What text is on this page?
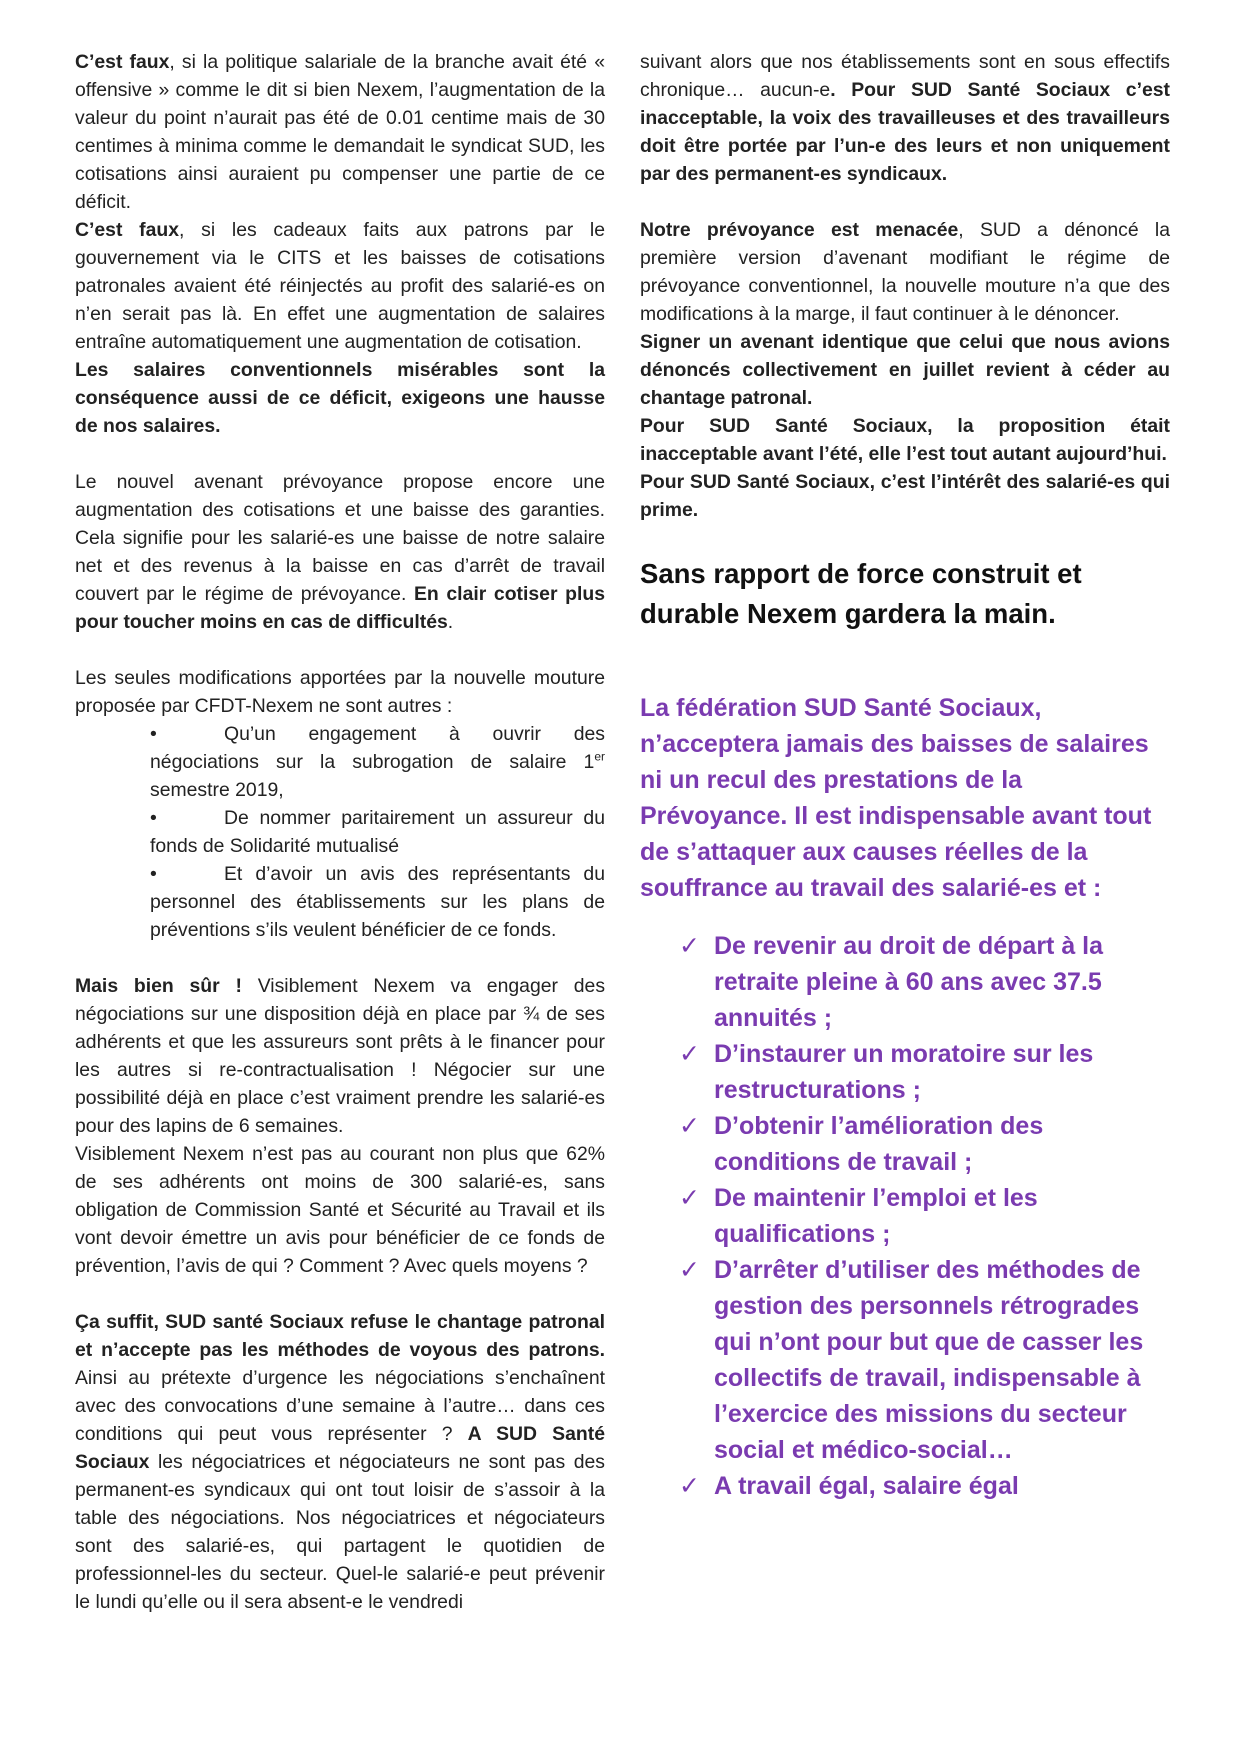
C’est faux, si la politique salariale de la branche avait été « offensive » comme le dit si bien Nexem, l’augmentation de la valeur du point n’aurait pas été de 0.01 centime mais de 30 centimes à minima comme le demandait le syndicat SUD, les cotisations ainsi auraient pu compenser une partie de ce déficit.

C’est faux, si les cadeaux faits aux patrons par le gouvernement via le CITS et les baisses de cotisations patronales avaient été réinjectés au profit des salarié-es on n’en serait pas là. En effet une augmentation de salaires entraîne automatiquement une augmentation de cotisation.

Les salaires conventionnels misérables sont la conséquence aussi de ce déficit, exigeons une hausse de nos salaires.

Le nouvel avenant prévoyance propose encore une augmentation des cotisations et une baisse des garanties. Cela signifie pour les salarié-es une baisse de notre salaire net et des revenus à la baisse en cas d’arrêt de travail couvert par le régime de prévoyance. En clair cotiser plus pour toucher moins en cas de difficultés.

Les seules modifications apportées par la nouvelle mouture proposée par CFDT-Nexem ne sont autres :

•	Qu’un engagement à ouvrir des négociations sur la subrogation de salaire 1er semestre 2019,
•	De nommer paritairement un assureur du fonds de Solidarité mutualisé
•	Et d’avoir un avis des représentants du personnel des établissements sur les plans de préventions s’ils veulent bénéficier de ce fonds.

Mais bien sûr ! Visiblement Nexem va engager des négociations sur une disposition déjà en place par ¾ de ses adhérents et que les assureurs sont prêts à le financer pour les autres si re-contractualisation ! Négocier sur une possibilité déjà en place c’est vraiment prendre les salarié-es pour des lapins de 6 semaines.

Visiblement Nexem n’est pas au courant non plus que 62% de ses adhérents ont moins de 300 salarié-es, sans obligation de Commission Santé et Sécurité au Travail et ils vont devoir émettre un avis pour bénéficier de ce fonds de prévention, l’avis de qui ? Comment ? Avec quels moyens ?

Ça suffit, SUD santé Sociaux refuse le chantage patronal et n’accepte pas les méthodes de voyous des patrons. Ainsi au prétexte d’urgence les négociations s’enchaînent avec des convocations d’une semaine à l’autre… dans ces conditions qui peut vous représenter ? A SUD Santé Sociaux les négociatrices et négociateurs ne sont pas des permanent-es syndicaux qui ont tout loisir de s’assoir à la table des négociations. Nos négociatrices et négociateurs sont des salarié-es, qui partagent le quotidien de professionnel-les du secteur. Quel-le salarié-e peut prévenir le lundi qu’elle ou il sera absent-e le vendredi

suivant alors que nos établissements sont en sous effectifs chronique… aucun-e. Pour SUD Santé Sociaux c’est inacceptable, la voix des travailleuses et des travailleurs doit être portée par l’un-e des leurs et non uniquement par des permanent-es syndicaux.

Notre prévoyance est menacée, SUD a dénoncé la première version d’avenant modifiant le régime de prévoyance conventionnel, la nouvelle mouture n’a que des modifications à la marge, il faut continuer à le dénoncer.

Signer un avenant identique que celui que nous avions dénoncés collectivement en juillet revient à céder au chantage patronal.

Pour SUD Santé Sociaux, la proposition était inacceptable avant l’été, elle l’est tout autant aujourd’hui.

Pour SUD Santé Sociaux, c’est l’intérêt des salarié-es qui prime.

Sans rapport de force construit et durable Nexem gardera la main.
La fédération SUD Santé Sociaux, n’acceptera jamais des baisses de salaires ni un recul des prestations de la Prévoyance. Il est indispensable avant tout de s’attaquer aux causes réelles de la souffrance au travail des salarié-es et :
✓ De revenir au droit de départ à la retraite pleine à 60 ans avec 37.5 annuités ;
✓ D’instaurer un moratoire sur les restructurations ;
✓ D’obtenir l’amélioration des conditions de travail ;
✓ De maintenir l’emploi et les qualifications ;
✓ D’arrêter d’utiliser des méthodes de gestion des personnels rétrogrades qui n’ont pour but que de casser les collectifs de travail, indispensable à l’exercice des missions du secteur social et médico-social…
✓ A travail égal, salaire égal
